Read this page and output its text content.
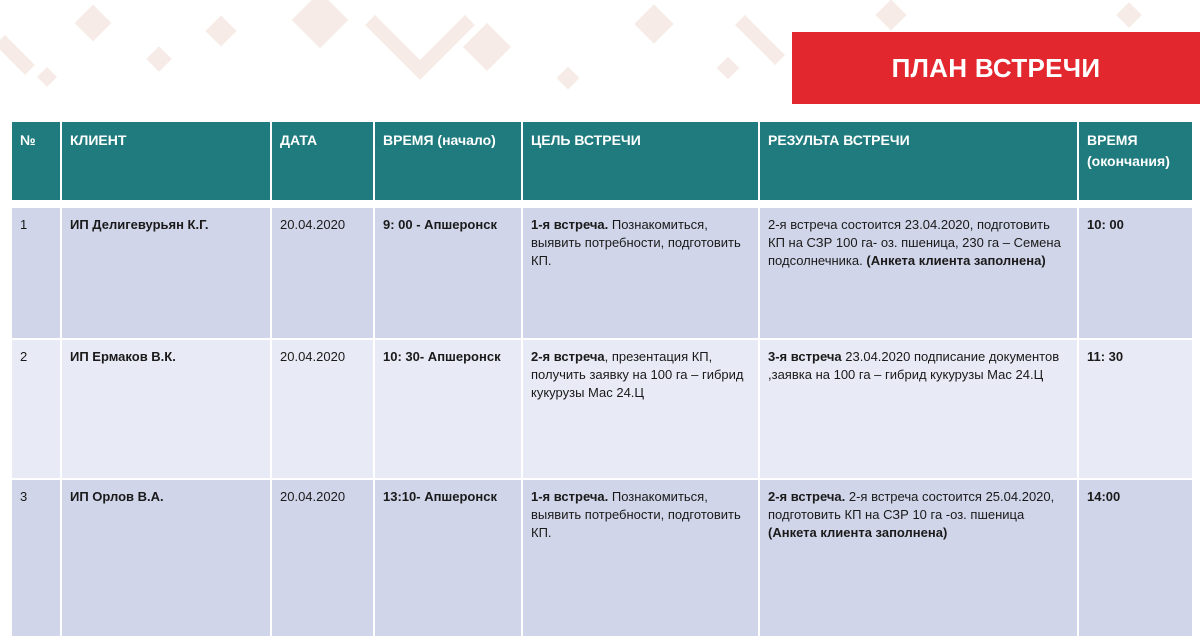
ПЛАН ВСТРЕЧИ
№	КЛИЕНТ	ДАТА	ВРЕМЯ (начало)	ЦЕЛЬ ВСТРЕЧИ	РЕЗУЛЬТА ВСТРЕЧИ	ВРЕМЯ
(окончания)

1	ИП Делигевурьян К.Г.	20.04.2020	9: 00 - Апшеронск	1-я встреча. Познакомиться, выявить потребности, подготовить КП.	2-я встреча состоится 23.04.2020, подготовить КП на СЗР 100 га- оз. пшеница, 230 га – Семена подсолнечника. (Анкета клиента заполнена)	10: 00
2	ИП Ермаков В.К.	20.04.2020	10: 30- Апшеронск	2-я встреча, презентация КП, получить заявку на 100 га – гибрид кукурузы Мас 24.Ц	3-я встреча 23.04.2020 подписание документов ,заявка на 100 га – гибрид кукурузы Мас 24.Ц	11: 30
3	ИП Орлов В.А.	20.04.2020	13:10- Апшеронск	1-я встреча. Познакомиться, выявить потребности, подготовить КП.	2-я встреча. 2-я встреча состоится 25.04.2020, подготовить КП на СЗР 10 га -оз. пшеница (Анкета клиента заполнена)	14:00
